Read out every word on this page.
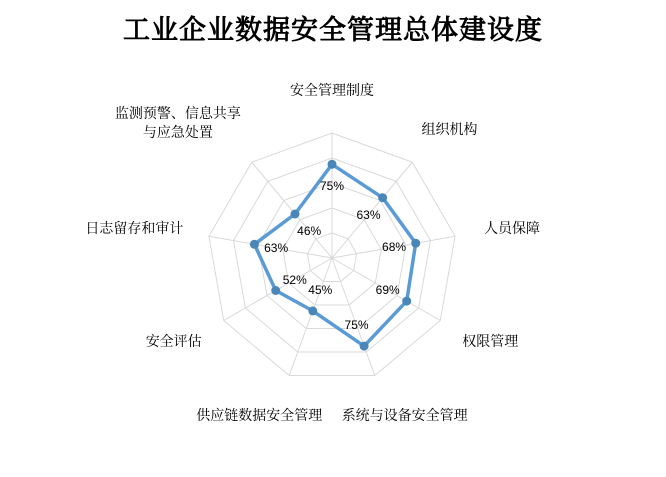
工业企业数据安全管理总体建设度
安全管理制度
组织机构
人员保障
权限管理
系统与设备安全管理
供应链数据安全管理
安全评估
日志留存和审计
监测预警、信息共享
与应急处置
75%
63%
68%
69%
75%
45%
52%
63%
46%
